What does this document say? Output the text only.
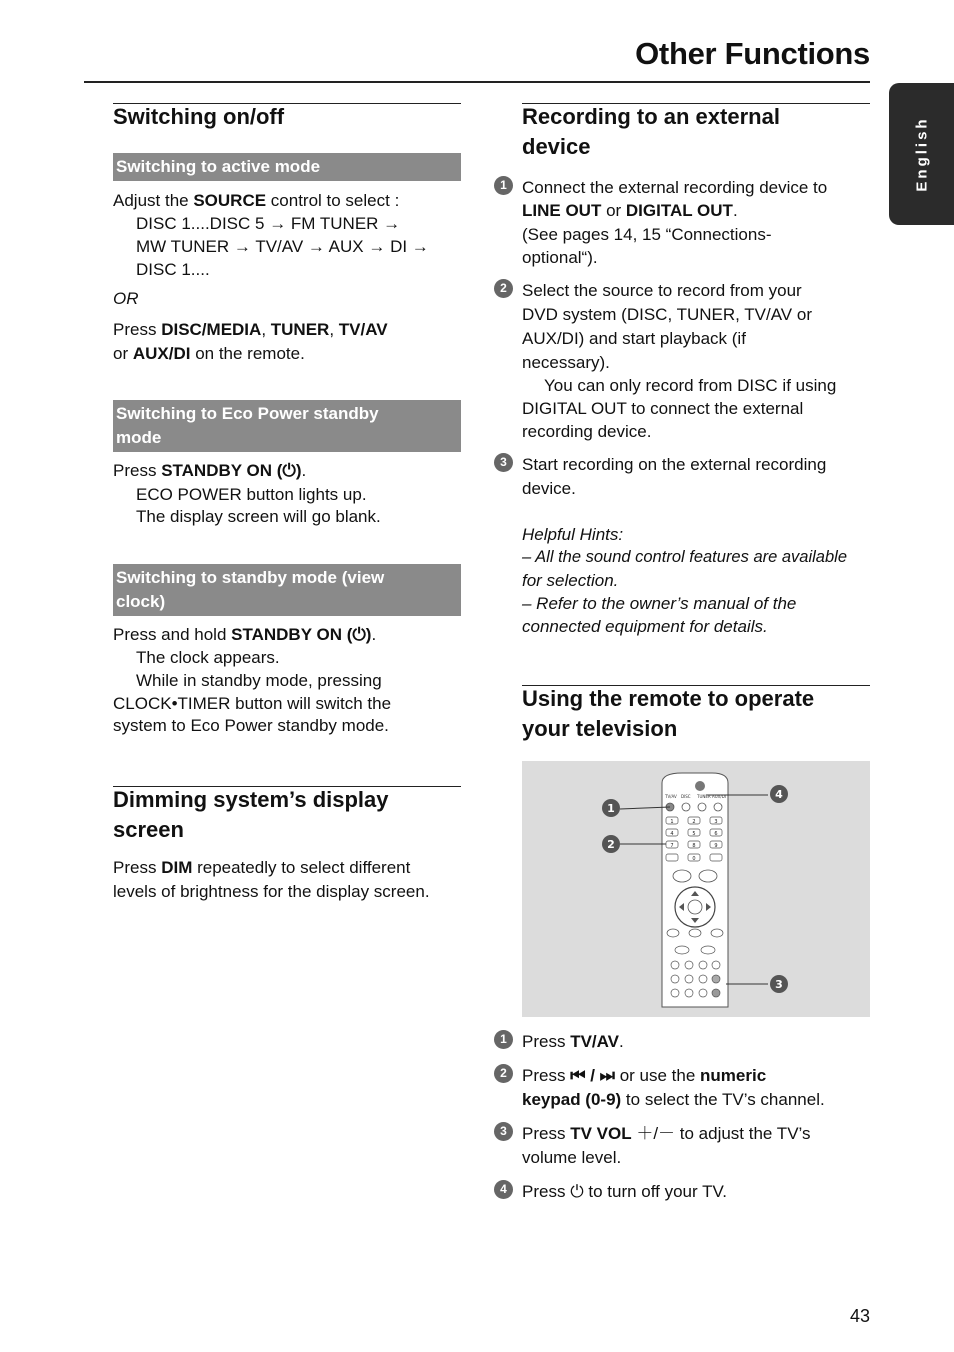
Other Functions
English
Switching on/off
Switching to active mode
Adjust the SOURCE control to select :
DISC 1....DISC 5 → FM TUNER →
MW TUNER → TV/AV → AUX → DI →
DISC 1....
OR
Press DISC/MEDIA, TUNER, TV/AV
or AUX/DI on the remote.
Switching to Eco Power standby
mode
Press STANDBY ON (⏻).
ECO POWER button lights up.
The display screen will go blank.
Switching to standby mode (view
clock)
Press and hold STANDBY ON (⏻).
The clock appears.
While in standby mode, pressing
CLOCK•TIMER button will switch the
system to Eco Power standby mode.
Dimming system’s display
screen
Press DIM repeatedly to select different
levels of brightness for the display screen.
Recording to an external
device
1 Connect the external recording device to
LINE OUT or DIGITAL OUT.
(See pages 14, 15 “Connections-
optional“).
2 Select the source to record from your
DVD system (DISC, TUNER, TV/AV or
AUX/DI) and start playback (if
necessary).
You can only record from DISC if using
DIGITAL OUT to connect the external
recording device.
3 Start recording on the external recording
device.
Helpful Hints:
– All the sound control features are available
for selection.
– Refer to the owner’s manual of the
connected equipment for details.
Using the remote to operate
your television
TV/AV DISC TUNER AUX/DI
1	2	3
4	5	6
7	8	9
0
1
2
3
4
1 Press TV/AV.
2 Press ⏮ / ⏭ or use the numeric
keypad (0-9) to select the TV’s channel.
3 Press TV VOL ＋/－ to adjust the TV’s
volume level.
4 Press ⏻ to turn off your TV.
43
